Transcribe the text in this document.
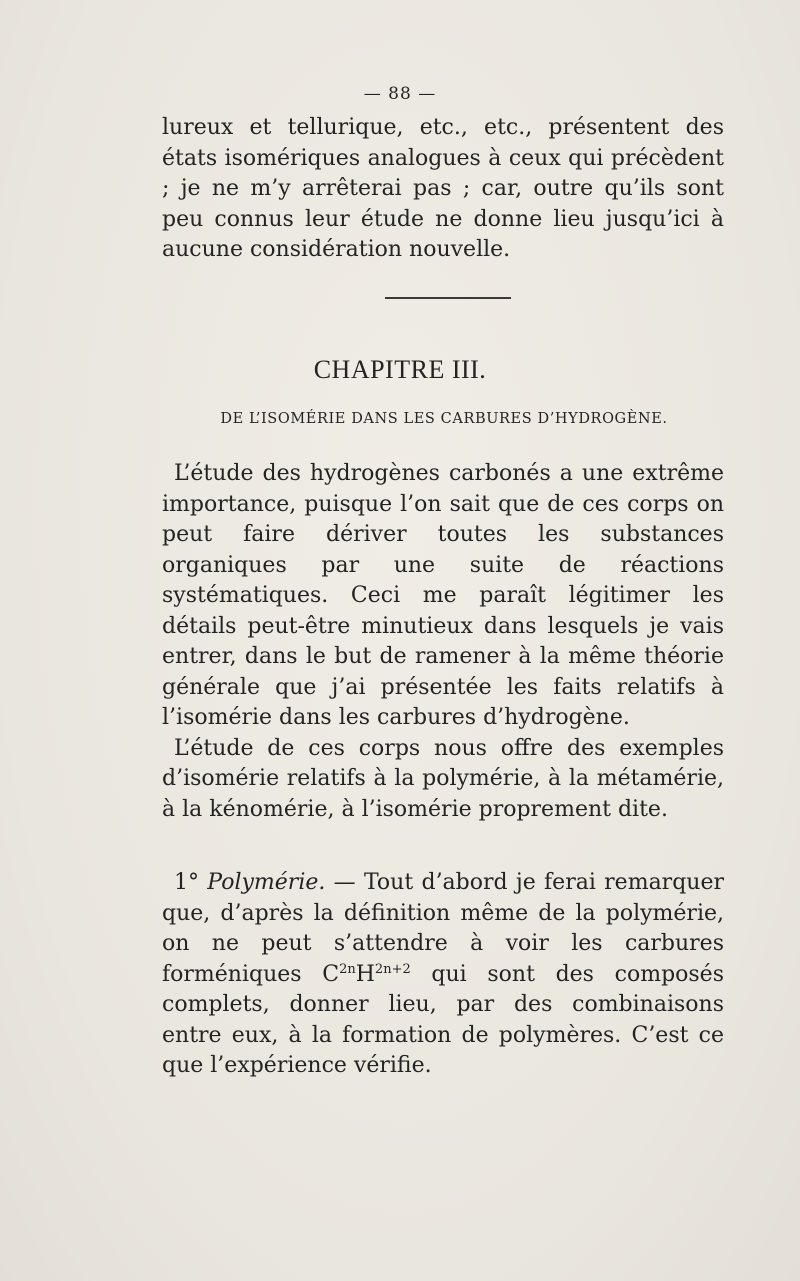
— 88 —

lureux et tellurique, etc., etc., présentent des états isomériques analogues à ceux qui précèdent ; je ne m’y arrêterai pas ; car, outre qu’ils sont peu connus leur étude ne donne lieu jusqu’ici à aucune considération nouvelle.

CHAPITRE III.
DE L’ISOMÉRIE DANS LES CARBURES D’HYDROGÈNE.

L’étude des hydrogènes carbonés a une extrême importance, puisque l’on sait que de ces corps on peut faire dériver toutes les substances organiques par une suite de réactions systématiques. Ceci me paraît légitimer les détails peut-être minutieux dans lesquels je vais entrer, dans le but de ramener à la même théorie générale que j’ai présentée les faits relatifs à l’isomérie dans les carbures d’hydrogène.

L’étude de ces corps nous offre des exemples d’isomérie relatifs à la polymérie, à la métamérie, à la kénomérie, à l’isomérie proprement dite.

1° Polymérie. — Tout d’abord je ferai remarquer que, d’après la définition même de la polymérie, on ne peut s’attendre à voir les carbures forméniques $C^{2n}H^{2n+2}$ qui sont des composés complets, donner lieu, par des combinaisons entre eux, à la formation de polymères. C’est ce que l’expérience vérifie.
